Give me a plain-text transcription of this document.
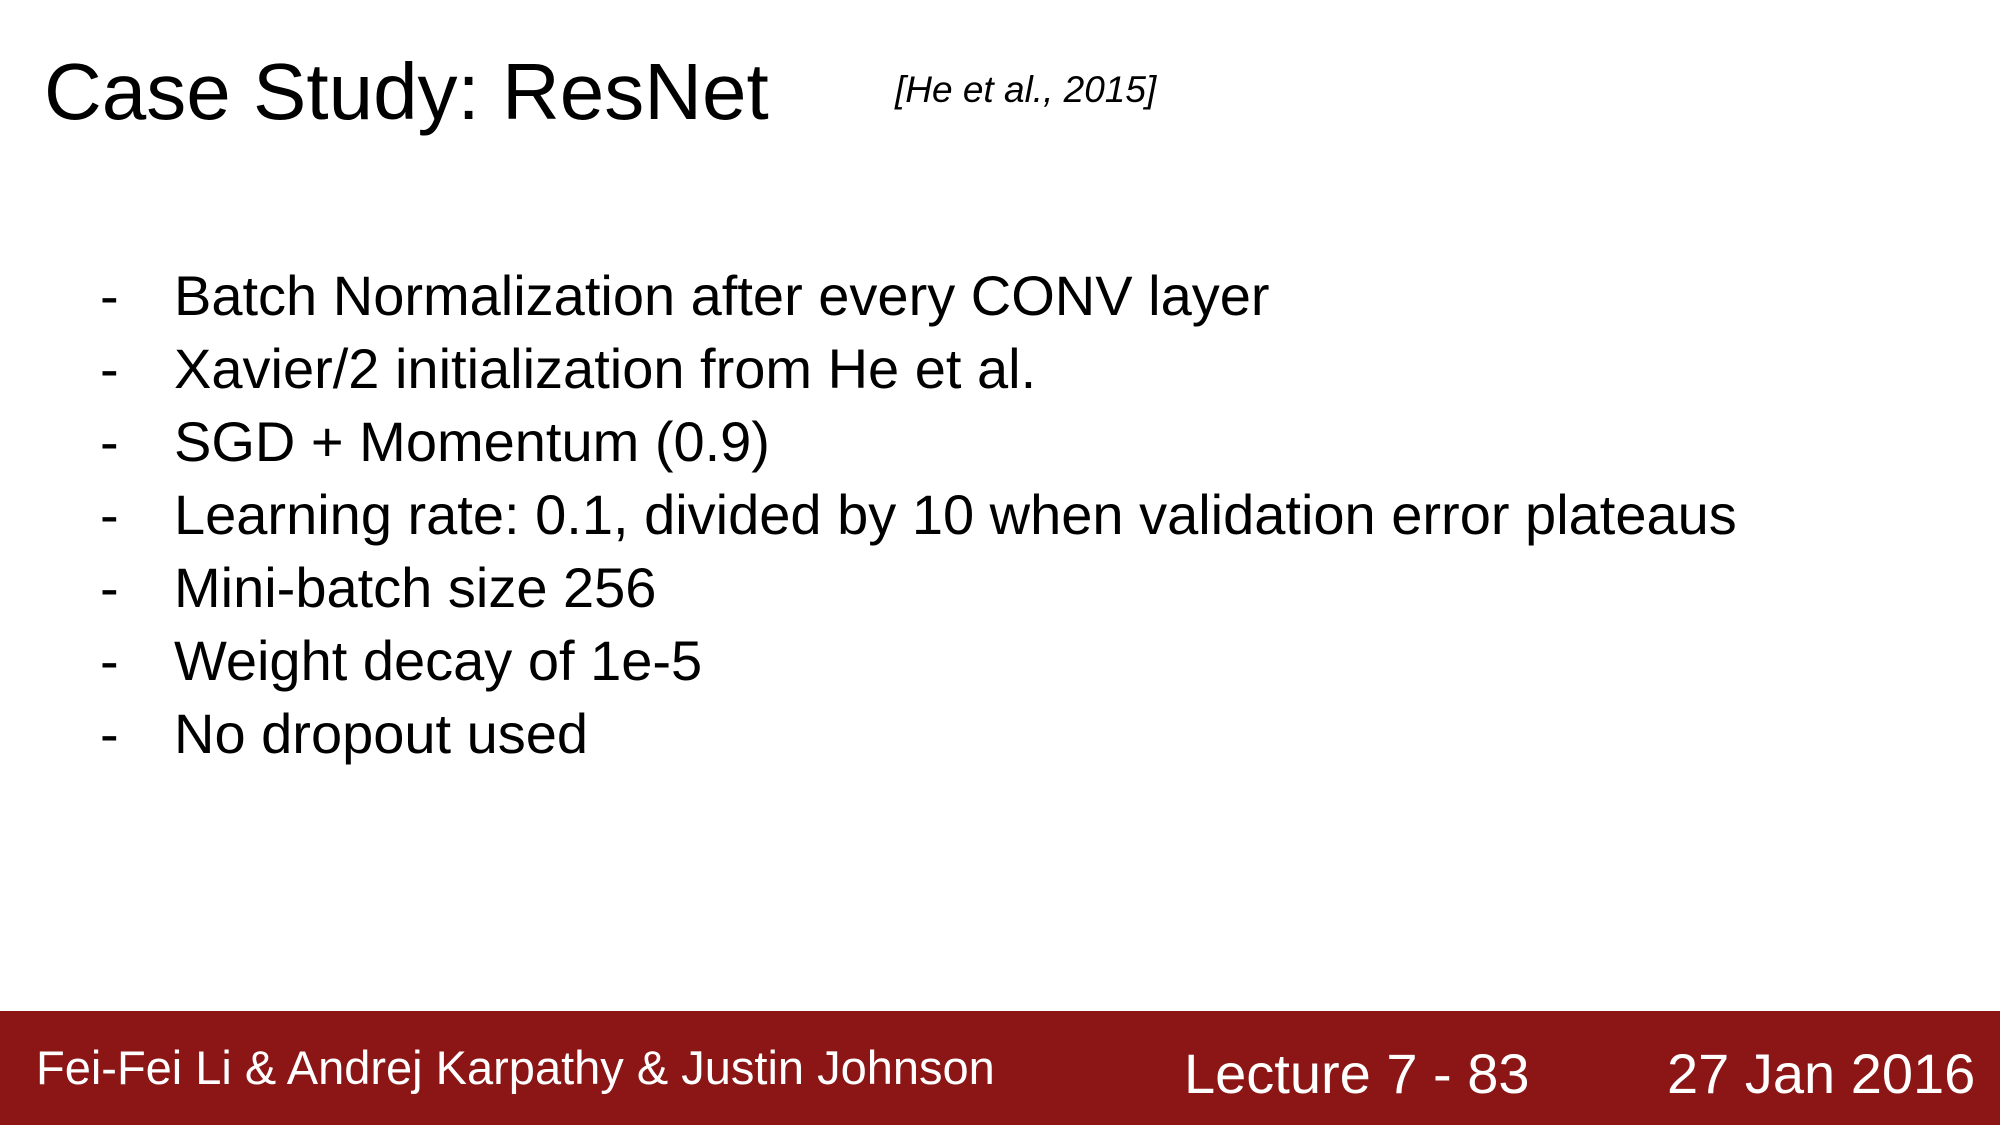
Case Study: ResNet	[He et al., 2015]
- Batch Normalization after every CONV layer
- Xavier/2 initialization from He et al.
- SGD + Momentum (0.9)
- Learning rate: 0.1, divided by 10 when validation error plateaus
- Mini-batch size 256
- Weight decay of 1e-5
- No dropout used
Fei-Fei Li & Andrej Karpathy & Justin Johnson	Lecture 7 - 83 27 Jan 2016
